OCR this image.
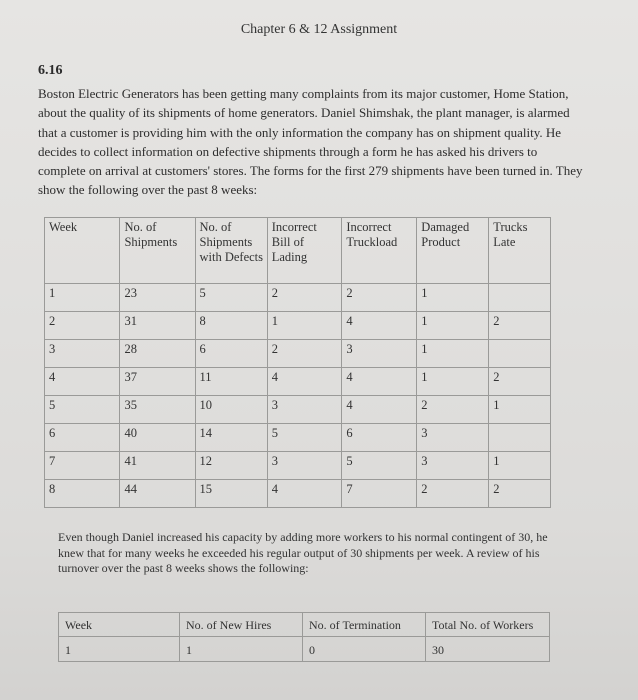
Chapter 6 & 12 Assignment
6.16
Boston Electric Generators has been getting many complaints from its major customer, Home Station, about the quality of its shipments of home generators. Daniel Shimshak, the plant manager, is alarmed that a customer is providing him with the only information the company has on shipment quality. He decides to collect information on defective shipments through a form he has asked his drivers to complete on arrival at customers' stores. The forms for the first 279 shipments have been turned in. They show the following over the past 8 weeks:
Week	No. of Shipments	No. of Shipments with Defects	Incorrect Bill of Lading	Incorrect Truckload	Damaged Product	Trucks Late
1	23	5	2	2	1	
2	31	8	1	4	1	2
3	28	6	2	3	1	
4	37	11	4	4	1	2
5	35	10	3	4	2	1
6	40	14	5	6	3	
7	41	12	3	5	3	1
8	44	15	4	7	2	2
Even though Daniel increased his capacity by adding more workers to his normal contingent of 30, he knew that for many weeks he exceeded his regular output of 30 shipments per week. A review of his turnover over the past 8 weeks shows the following:
Week	No. of New Hires	No. of Termination	Total No. of Workers
1	1	0	30
